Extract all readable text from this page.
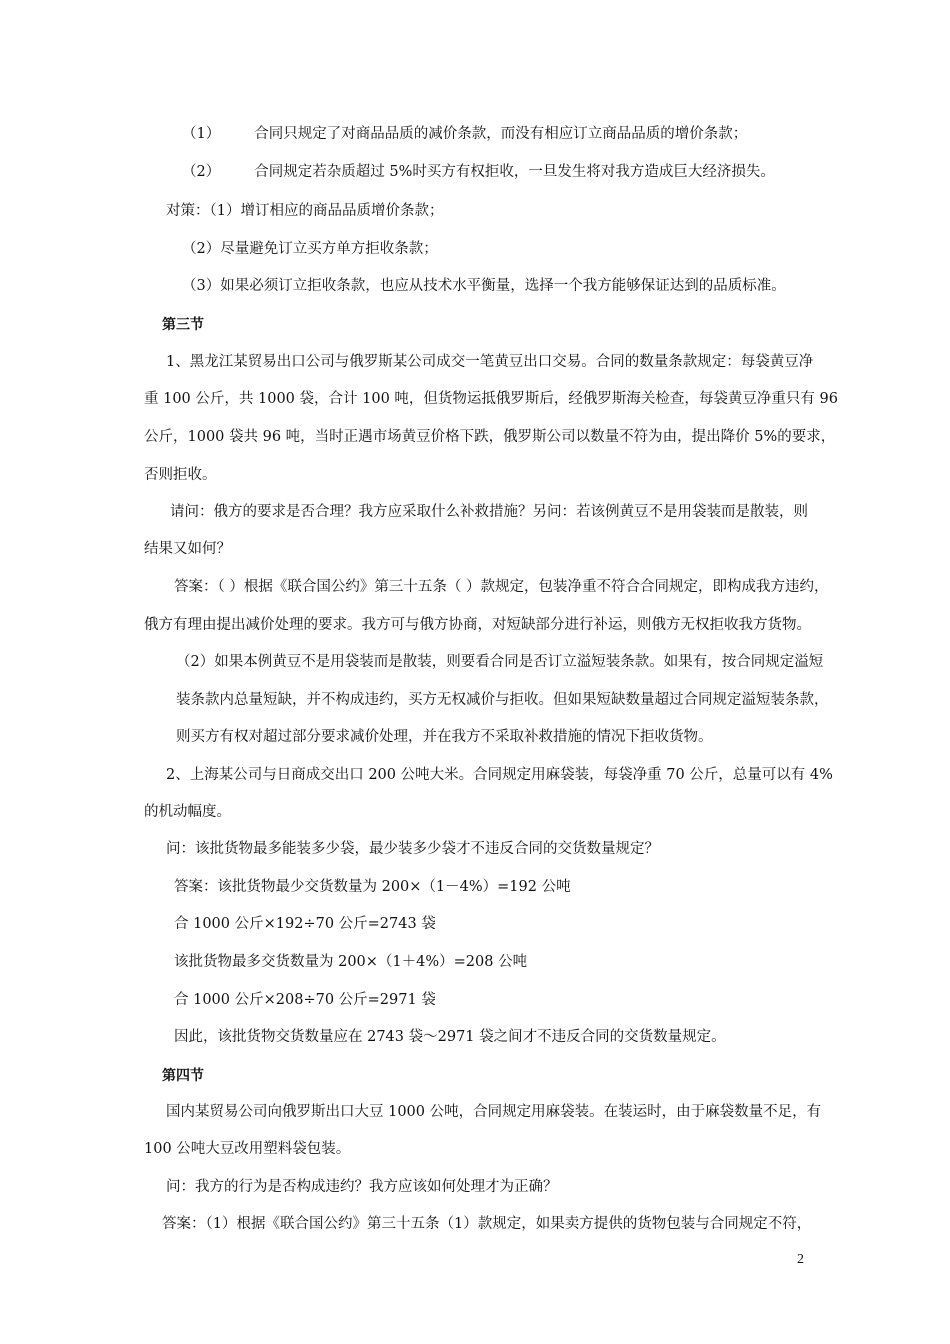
（1） 合同只规定了对商品品质的减价条款，而没有相应订立商品品质的增价条款；
（2） 合同规定若杂质超过 5%时买方有权拒收，一旦发生将对我方造成巨大经济损失。
对策：（1）增订相应的商品品质增价条款；
（2）尽量避免订立买方单方拒收条款；
（3）如果必须订立拒收条款，也应从技术水平衡量，选择一个我方能够保证达到的品质标准。
第三节
1、黑龙江某贸易出口公司与俄罗斯某公司成交一笔黄豆出口交易。合同的数量条款规定：每袋黄豆净
重 100 公斤，共 1000 袋，合计 100 吨，但货物运抵俄罗斯后，经俄罗斯海关检查，每袋黄豆净重只有 96
公斤，1000 袋共 96 吨，当时正遇市场黄豆价格下跌，俄罗斯公司以数量不符为由，提出降价 5%的要求，
否则拒收。
请问：俄方的要求是否合理？我方应采取什么补救措施？另问：若该例黄豆不是用袋装而是散装，则
结果又如何？
答案：（ ）根据《联合国公约》第三十五条（ ）款规定，包装净重不符合合同规定，即构成我方违约，
俄方有理由提出减价处理的要求。我方可与俄方协商，对短缺部分进行补运，则俄方无权拒收我方货物。
（2）如果本例黄豆不是用袋装而是散装，则要看合同是否订立溢短装条款。如果有，按合同规定溢短
装条款内总量短缺，并不构成违约，买方无权减价与拒收。但如果短缺数量超过合同规定溢短装条款，
则买方有权对超过部分要求减价处理，并在我方不采取补救措施的情况下拒收货物。
2、上海某公司与日商成交出口 200 公吨大米。合同规定用麻袋装，每袋净重 70 公斤，总量可以有 4%
的机动幅度。
问：该批货物最多能装多少袋，最少装多少袋才不违反合同的交货数量规定？
答案：该批货物最少交货数量为 200×（1－4%）=192 公吨
合 1000 公斤×192÷70 公斤=2743 袋
该批货物最多交货数量为 200×（1＋4%）=208 公吨
合 1000 公斤×208÷70 公斤=2971 袋
因此，该批货物交货数量应在 2743 袋～2971 袋之间才不违反合同的交货数量规定。
第四节
国内某贸易公司向俄罗斯出口大豆 1000 公吨，合同规定用麻袋装。在装运时，由于麻袋数量不足，有
100 公吨大豆改用塑料袋包装。
问：我方的行为是否构成违约？我方应该如何处理才为正确？
答案：（1）根据《联合国公约》第三十五条（1）款规定，如果卖方提供的货物包装与合同规定不符，
2
